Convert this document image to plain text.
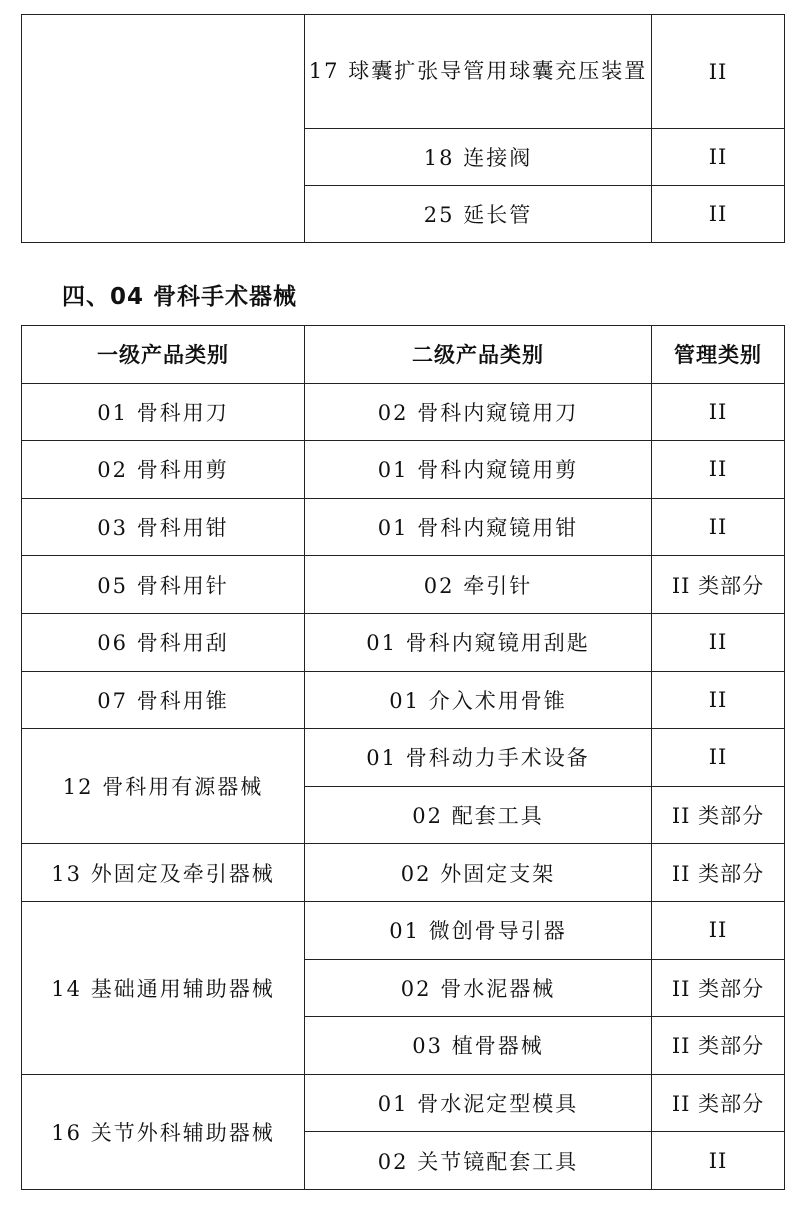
	17 球囊扩张导管用球囊充压装置	II
	18 连接阀	II
	25 延长管	II
四、04 骨科手术器械
一级产品类别	二级产品类别	管理类别
01 骨科用刀	02 骨科内窥镜用刀	II
02 骨科用剪	01 骨科内窥镜用剪	II
03 骨科用钳	01 骨科内窥镜用钳	II
05 骨科用针	02 牵引针	II 类部分
06 骨科用刮	01 骨科内窥镜用刮匙	II
07 骨科用锥	01 介入术用骨锥	II
12 骨科用有源器械	01 骨科动力手术设备	II
	02 配套工具	II 类部分
13 外固定及牵引器械	02 外固定支架	II 类部分
14 基础通用辅助器械	01 微创骨导引器	II
	02 骨水泥器械	II 类部分
	03 植骨器械	II 类部分
16 关节外科辅助器械	01 骨水泥定型模具	II 类部分
	02 关节镜配套工具	II
